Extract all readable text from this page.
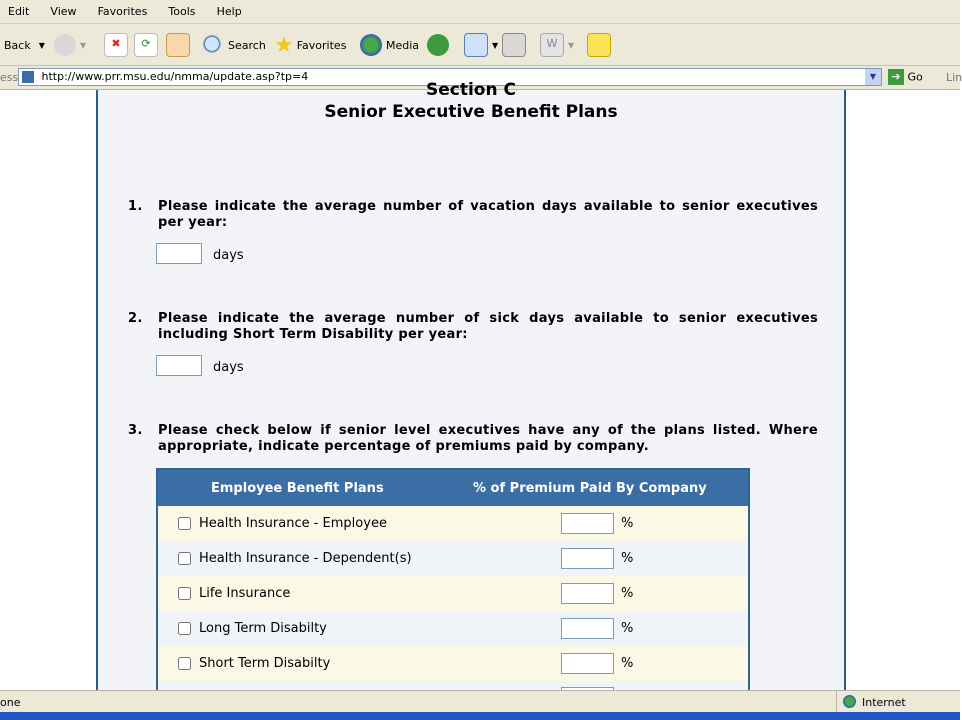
Edit View Favorites Tools Help
Back ▼	▼	✖	⟳	Search ★ Favorites	Media	▼	W	▼
ess	http://www.prr.msu.edu/nmma/update.asp?tp=4	▼	➔ Go Lin
Section C
Senior Executive Benefit Plans
1. Please indicate the average number of vacation days available to senior executives per year:
days
2. Please indicate the average number of sick days available to senior executives including Short Term Disability per year:
days
3. Please check below if senior level executives have any of the plans listed. Where appropriate, indicate percentage of premiums paid by company.
Employee Benefit Plans	% of Premium Paid By Company
Health Insurance - Employee	%
Health Insurance - Dependent(s)	%
Life Insurance	%
Long Term Disabilty	%
Short Term Disabilty	%
one	Internet
